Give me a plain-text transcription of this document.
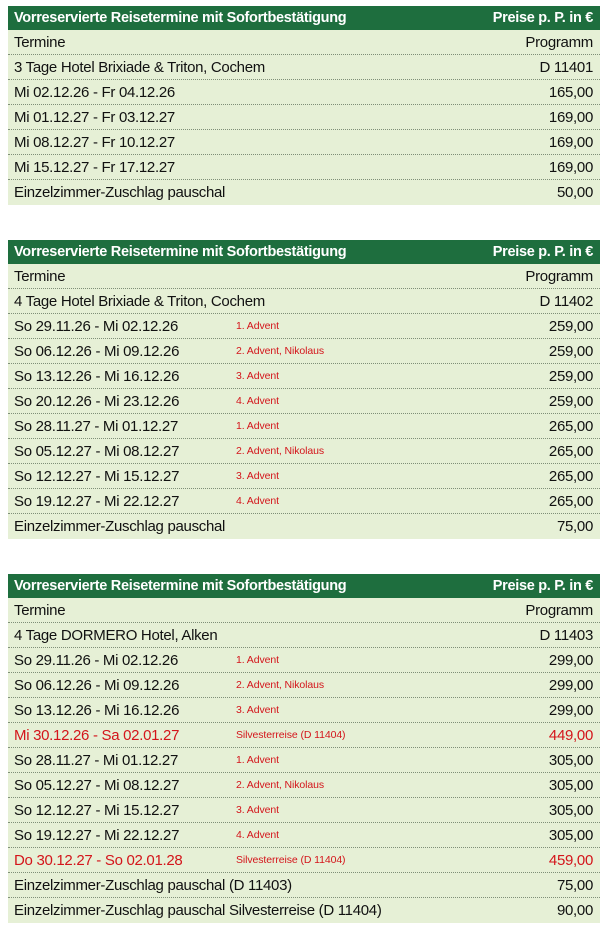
Vorreservierte Reisetermine mit Sofortbestätigung	Preise p. P. in €
Termine	Programm
3 Tage Hotel Brixiade & Triton, Cochem	D 11401
Mi 02.12.26 - Fr 04.12.26	165,00
Mi 01.12.27 - Fr 03.12.27	169,00
Mi 08.12.27 - Fr 10.12.27	169,00
Mi 15.12.27 - Fr 17.12.27	169,00
Einzelzimmer-Zuschlag pauschal	50,00
Vorreservierte Reisetermine mit Sofortbestätigung	Preise p. P. in €
Termine	Programm
4 Tage Hotel Brixiade & Triton, Cochem	D 11402
So 29.11.26 - Mi 02.12.26	1. Advent	259,00
So 06.12.26 - Mi 09.12.26	2. Advent, Nikolaus	259,00
So 13.12.26 - Mi 16.12.26	3. Advent	259,00
So 20.12.26 - Mi 23.12.26	4. Advent	259,00
So 28.11.27 - Mi 01.12.27	1. Advent	265,00
So 05.12.27 - Mi 08.12.27	2. Advent, Nikolaus	265,00
So 12.12.27 - Mi 15.12.27	3. Advent	265,00
So 19.12.27 - Mi 22.12.27	4. Advent	265,00
Einzelzimmer-Zuschlag pauschal	75,00
Vorreservierte Reisetermine mit Sofortbestätigung	Preise p. P. in €
Termine	Programm
4 Tage DORMERO Hotel, Alken	D 11403
So 29.11.26 - Mi 02.12.26	1. Advent	299,00
So 06.12.26 - Mi 09.12.26	2. Advent, Nikolaus	299,00
So 13.12.26 - Mi 16.12.26	3. Advent	299,00
Mi 30.12.26 - Sa 02.01.27	Silvesterreise (D 11404)	449,00
So 28.11.27 - Mi 01.12.27	1. Advent	305,00
So 05.12.27 - Mi 08.12.27	2. Advent, Nikolaus	305,00
So 12.12.27 - Mi 15.12.27	3. Advent	305,00
So 19.12.27 - Mi 22.12.27	4. Advent	305,00
Do 30.12.27 - So 02.01.28	Silvesterreise (D 11404)	459,00
Einzelzimmer-Zuschlag pauschal (D 11403)	75,00
Einzelzimmer-Zuschlag pauschal Silvesterreise (D 11404)	90,00
